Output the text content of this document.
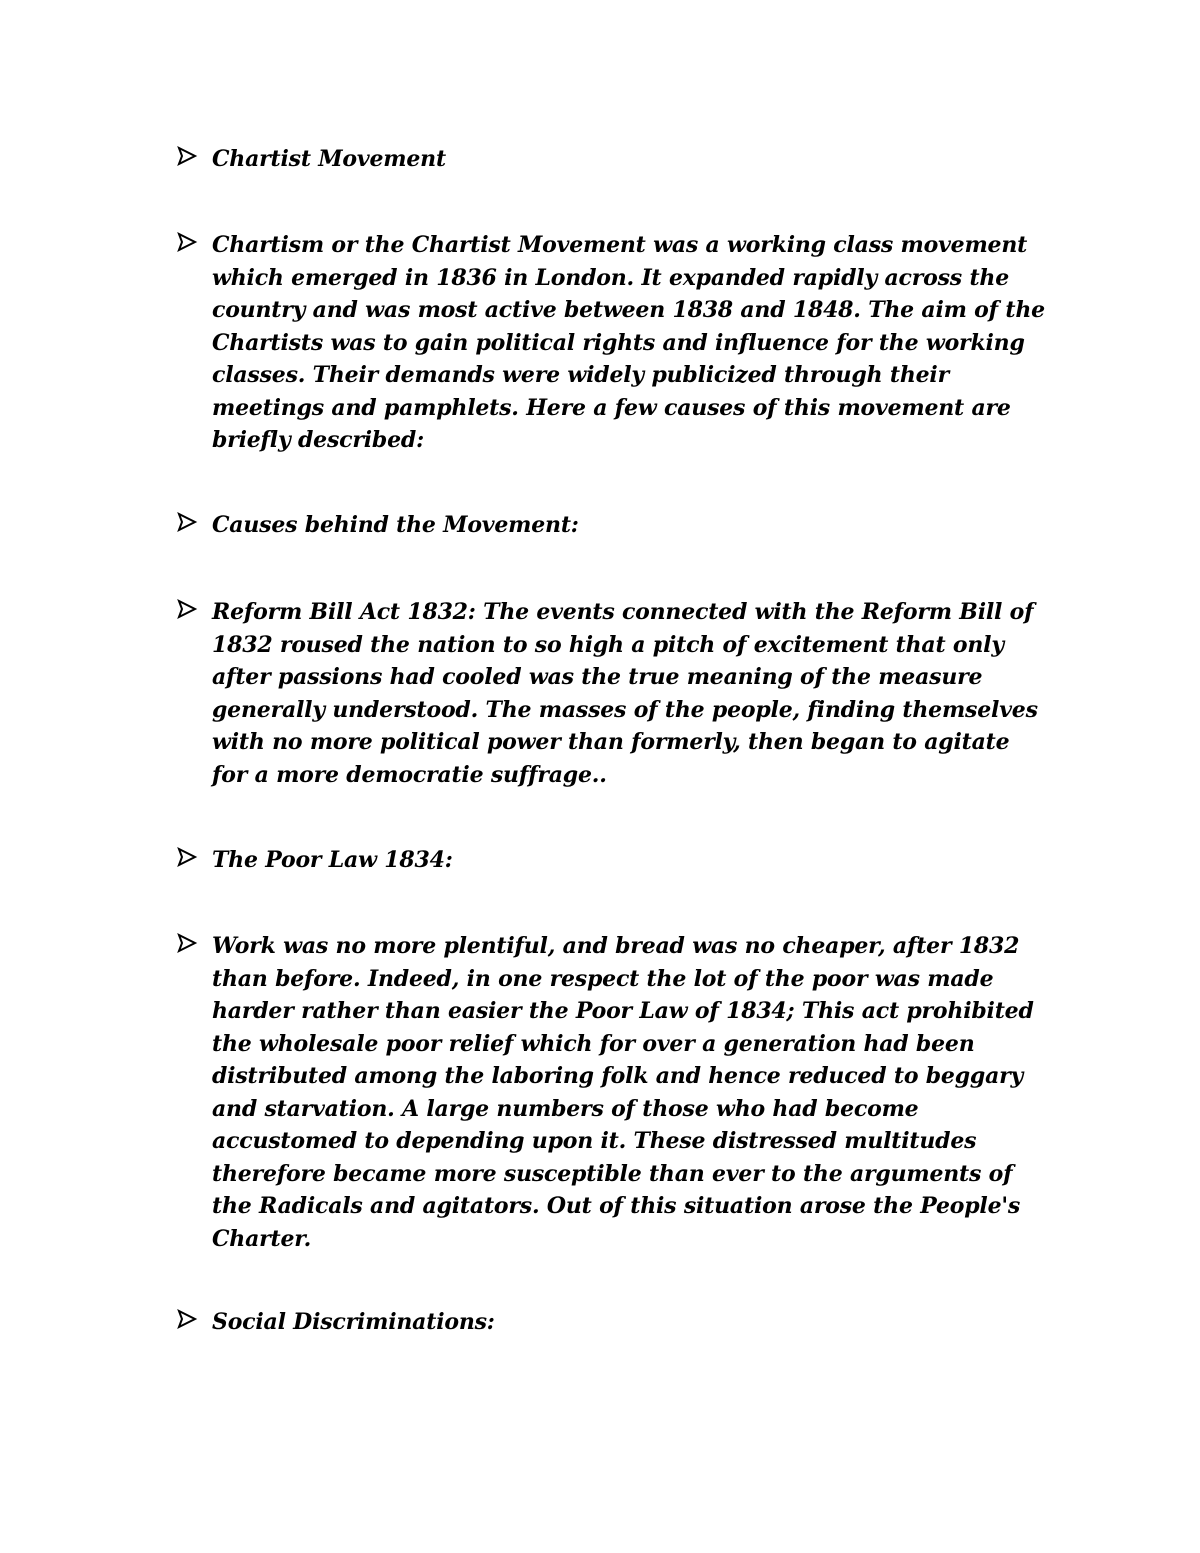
Chartist Movement

Chartism or the Chartist Movement was a working class movement
which emerged in 1836 in London. It expanded rapidly across the
country and was most active between 1838 and 1848. The aim of the
Chartists was to gain political rights and influence for the working
classes. Their demands were widely publicized through their
meetings and pamphlets. Here a few causes of this movement are
briefly described:

Causes behind the Movement:

Reform Bill Act 1832: The events connected with the Reform Bill of
1832 roused the nation to so high a pitch of excitement that only
after passions had cooled was the true meaning of the measure
generally understood. The masses of the people, finding themselves
with no more political power than formerly, then began to agitate
for a more democratie suffrage..

The Poor Law 1834:

Work was no more plentiful, and bread was no cheaper, after 1832
than before. Indeed, in one respect the lot of the poor was made
harder rather than easier the Poor Law of 1834; This act prohibited
the wholesale poor relief which for over a generation had been
distributed among the laboring folk and hence reduced to beggary
and starvation. A large numbers of those who had become
accustomed to depending upon it. These distressed multitudes
therefore became more susceptible than ever to the arguments of
the Radicals and agitators. Out of this situation arose the People's
Charter.

Social Discriminations:
